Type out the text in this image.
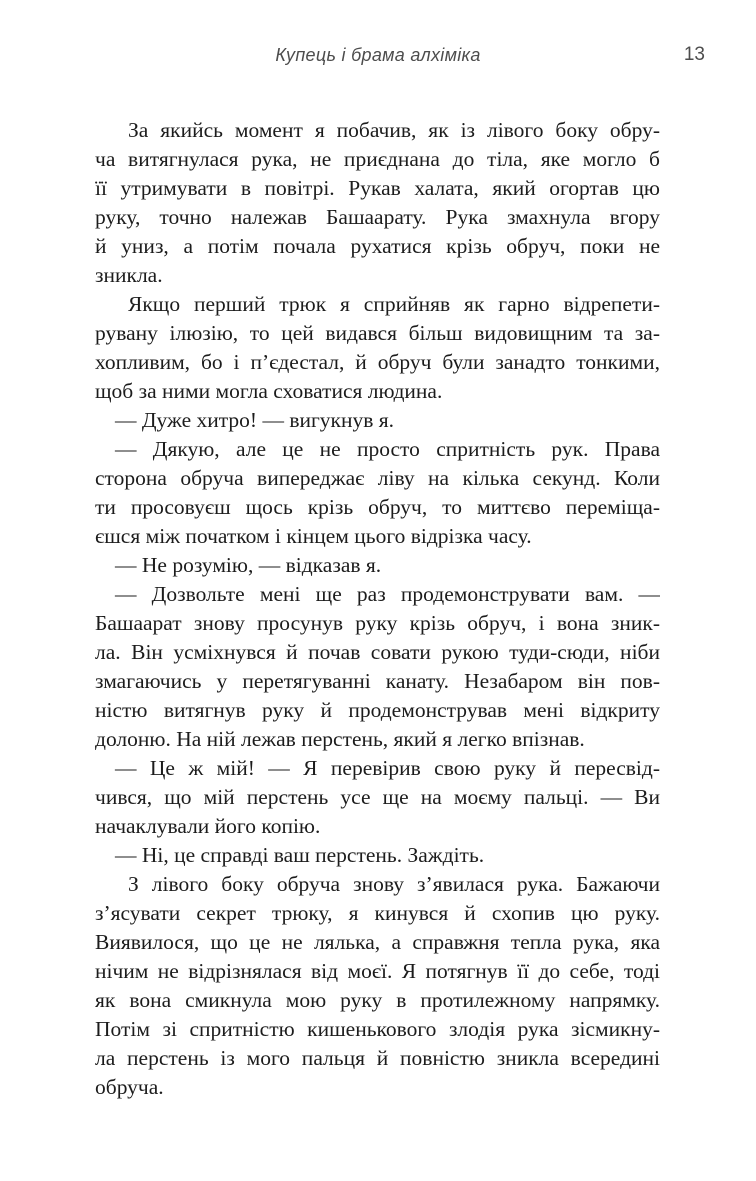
Купець і брама алхіміка	13
За якийсь момент я побачив, як із лівого боку обру-
ча витягнулася рука, не приєднана до тіла, яке могло б
її утримувати в повітрі. Рукав халата, який огортав цю
руку, точно належав Башаарату. Рука змахнула вгору
й униз, а потім почала рухатися крізь обруч, поки не
зникла.
Якщо перший трюк я сприйняв як гарно відрепети-
рувану ілюзію, то цей видався більш видовищним та за-
хопливим, бо і п’єдестал, й обруч були занадто тонкими,
щоб за ними могла сховатися людина.
— Дуже хитро! — вигукнув я.
— Дякую, але це не просто спритність рук. Права
сторона обруча випереджає ліву на кілька секунд. Коли
ти просовуєш щось крізь обруч, то миттєво переміща-
єшся між початком і кінцем цього відрізка часу.
— Не розумію, — відказав я.
— Дозвольте мені ще раз продемонструвати вам. —
Башаарат знову просунув руку крізь обруч, і вона зник-
ла. Він усміхнувся й почав совати рукою туди-сюди, ніби
змагаючись у перетягуванні канату. Незабаром він пов-
ністю витягнув руку й продемонстрував мені відкриту
долоню. На ній лежав перстень, який я легко впізнав.
— Це ж мій! — Я перевірив свою руку й пересвід-
чився, що мій перстень усе ще на моєму пальці. — Ви
начаклували його копію.
— Ні, це справді ваш перстень. Заждіть.
З лівого боку обруча знову з’явилася рука. Бажаючи
з’ясувати секрет трюку, я кинувся й схопив цю руку.
Виявилося, що це не лялька, а справжня тепла рука, яка
нічим не відрізнялася від моєї. Я потягнув її до себе, тоді
як вона смикнула мою руку в протилежному напрямку.
Потім зі спритністю кишенькового злодія рука зісмикну-
ла перстень із мого пальця й повністю зникла всередині
обруча.
